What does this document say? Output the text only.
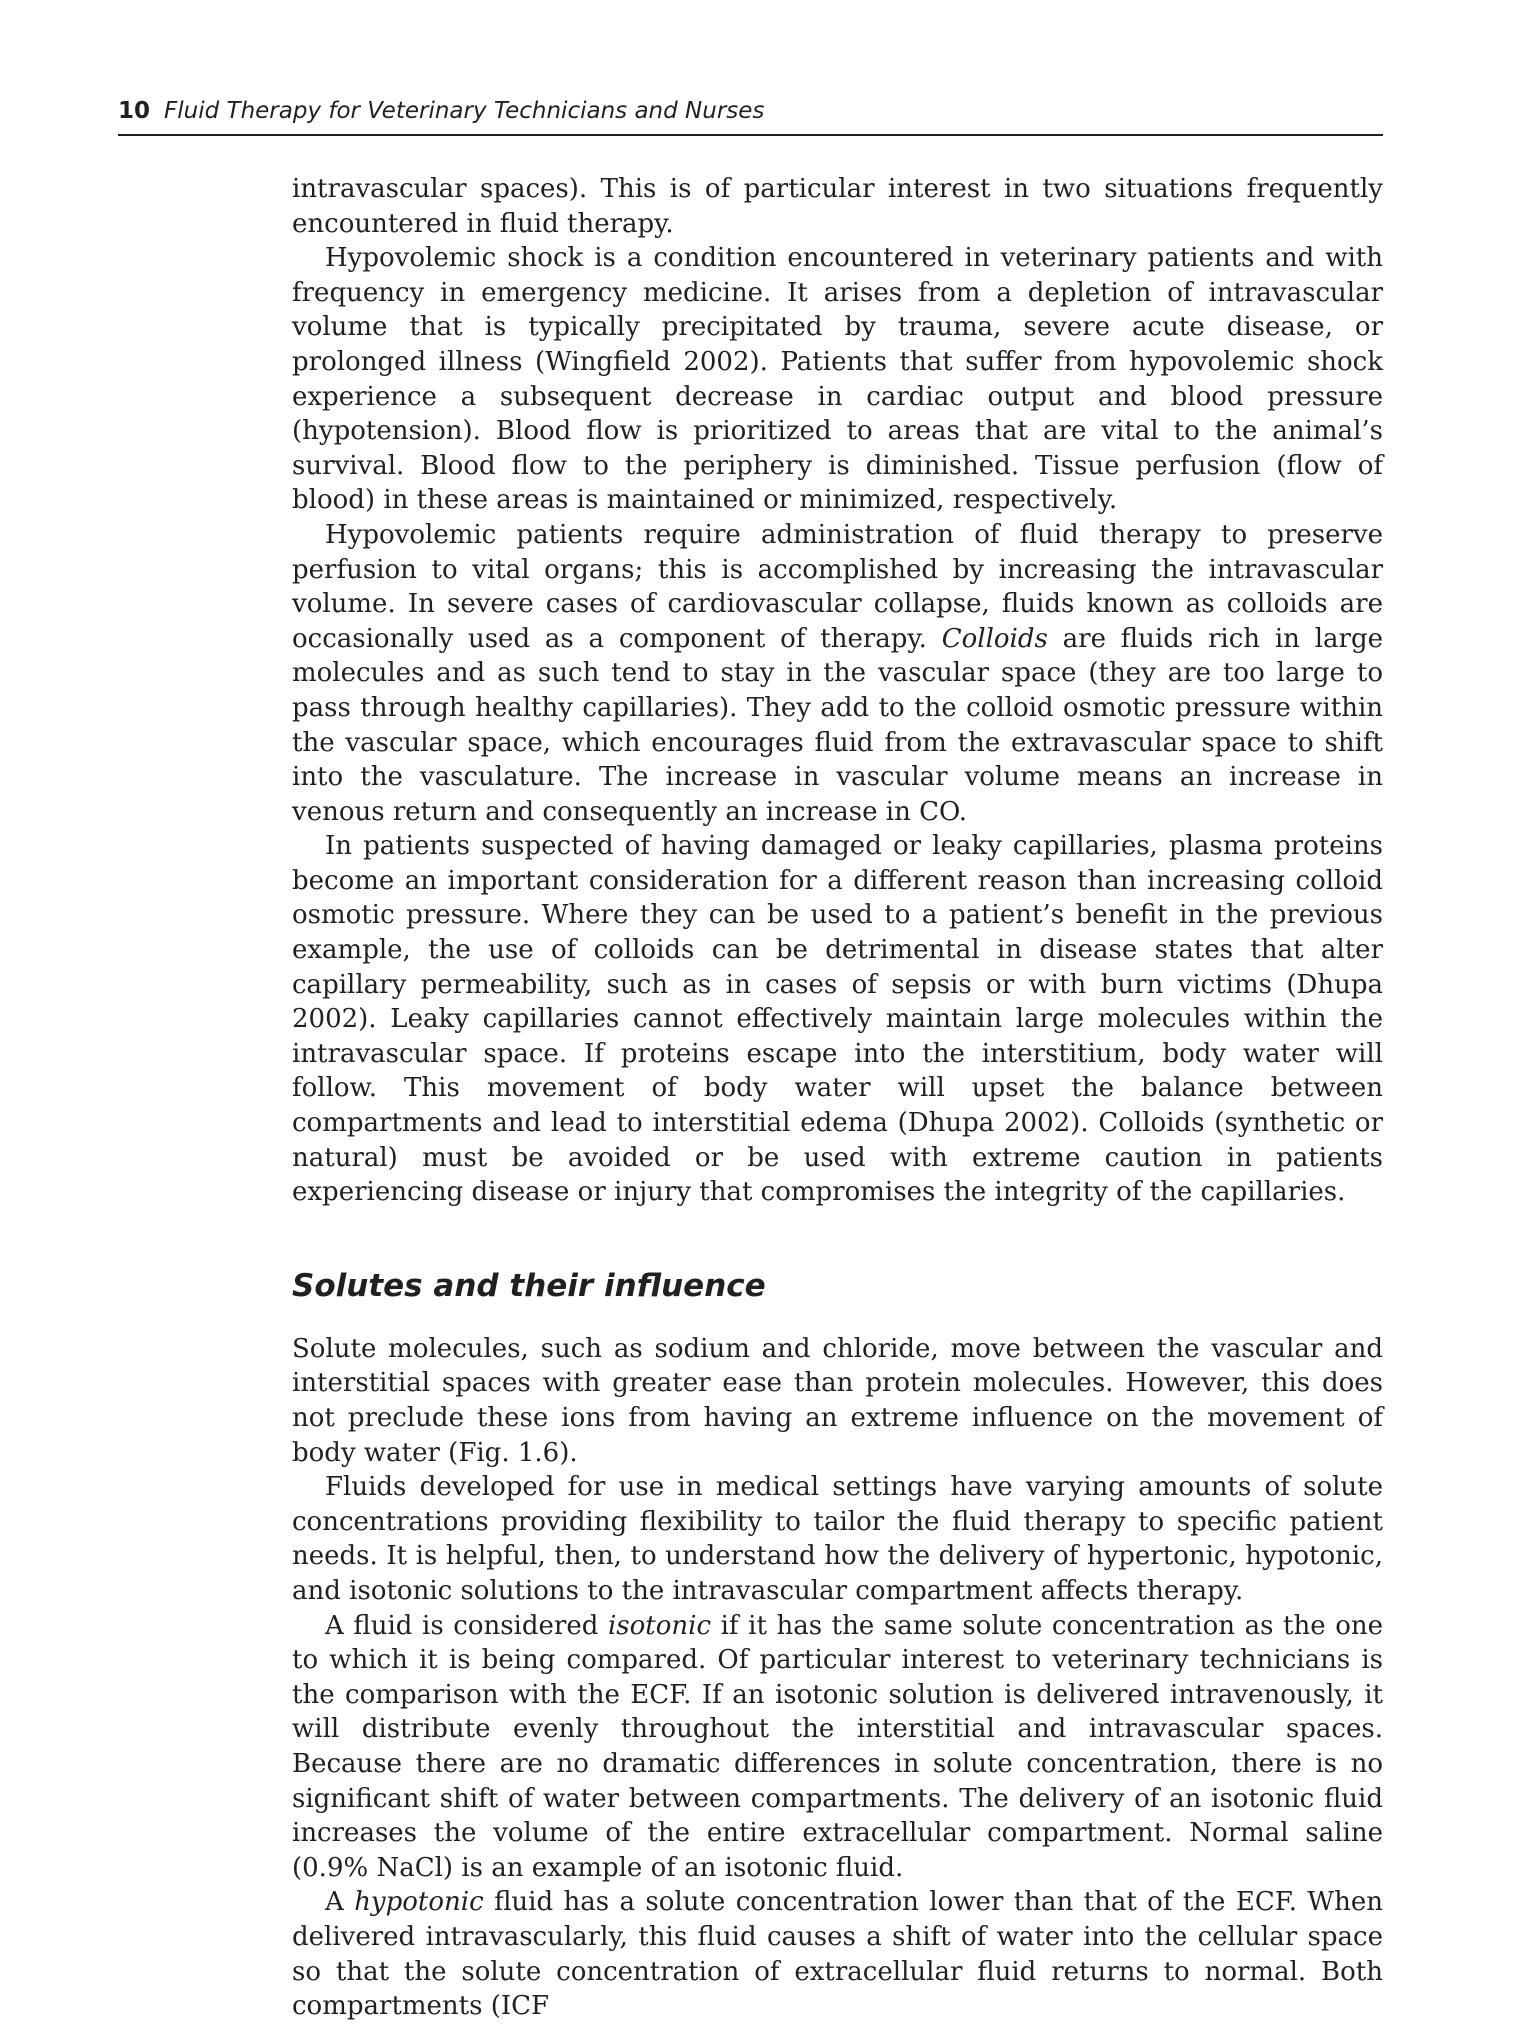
10 Fluid Therapy for Veterinary Technicians and Nurses

intravascular spaces). This is of particular interest in two situations frequently encountered in fluid therapy.

Hypovolemic shock is a condition encountered in veterinary patients and with frequency in emergency medicine. It arises from a depletion of intravascular volume that is typically precipitated by trauma, severe acute disease, or prolonged illness (Wingfield 2002). Patients that suffer from hypovolemic shock experience a subsequent decrease in cardiac output and blood pressure (hypotension). Blood flow is prioritized to areas that are vital to the animal’s survival. Blood flow to the periphery is diminished. Tissue perfusion (flow of blood) in these areas is maintained or minimized, respectively.

Hypovolemic patients require administration of fluid therapy to preserve perfusion to vital organs; this is accomplished by increasing the intravascular volume. In severe cases of cardiovascular collapse, fluids known as colloids are occasionally used as a component of therapy. Colloids are fluids rich in large molecules and as such tend to stay in the vascular space (they are too large to pass through healthy capillaries). They add to the colloid osmotic pressure within the vascular space, which encourages fluid from the extravascular space to shift into the vasculature. The increase in vascular volume means an increase in venous return and consequently an increase in CO.

In patients suspected of having damaged or leaky capillaries, plasma proteins become an important consideration for a different reason than increasing colloid osmotic pressure. Where they can be used to a patient’s benefit in the previous example, the use of colloids can be detrimental in disease states that alter capillary permeability, such as in cases of sepsis or with burn victims (Dhupa 2002). Leaky capillaries cannot effectively maintain large molecules within the intravascular space. If proteins escape into the interstitium, body water will follow. This movement of body water will upset the balance between compartments and lead to interstitial edema (Dhupa 2002). Colloids (synthetic or natural) must be avoided or be used with extreme caution in patients experiencing disease or injury that compromises the integrity of the capillaries.

Solutes and their influence

Solute molecules, such as sodium and chloride, move between the vascular and interstitial spaces with greater ease than protein molecules. However, this does not preclude these ions from having an extreme influence on the movement of body water (Fig. 1.6).

Fluids developed for use in medical settings have varying amounts of solute concentrations providing flexibility to tailor the fluid therapy to specific patient needs. It is helpful, then, to understand how the delivery of hypertonic, hypotonic, and isotonic solutions to the intravascular compartment affects therapy.

A fluid is considered isotonic if it has the same solute concentration as the one to which it is being compared. Of particular interest to veterinary technicians is the comparison with the ECF. If an isotonic solution is delivered intravenously, it will distribute evenly throughout the interstitial and intravascular spaces. Because there are no dramatic differences in solute concentration, there is no significant shift of water between compartments. The delivery of an isotonic fluid increases the volume of the entire extracellular compartment. Normal saline (0.9% NaCl) is an example of an isotonic fluid.

A hypotonic fluid has a solute concentration lower than that of the ECF. When delivered intravascularly, this fluid causes a shift of water into the cellular space so that the solute concentration of extracellular fluid returns to normal. Both compartments (ICF
